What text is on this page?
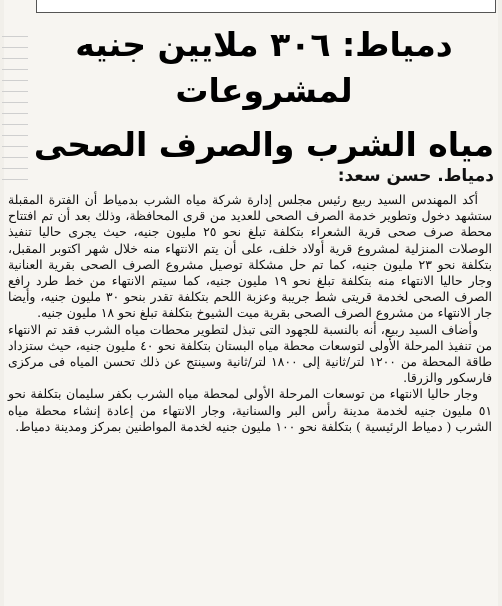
دمياط: ٣٠٦ ملايين جنيه لمشروعات
مياه الشرب والصرف الصحى
دمياط. حسن سعد:

أكد المهندس السيد ربيع رئيس مجلس إدارة شركة مياه الشرب بدمياط أن الفترة المقبلة ستشهد دخول وتطوير خدمة الصرف الصحى للعديد من قرى المحافظة، وذلك بعد أن تم افتتاح محطة صرف صحى قرية الشعراء بتكلفة تبلغ نحو ٢٥ مليون جنيه، حيث يجرى حاليا تنفيذ الوصلات المنزلية لمشروع قرية أولاد خلف، على أن يتم الانتهاء منه خلال شهر اكتوبر المقبل، بتكلفة نحو ٢٣ مليون جنيه، كما تم حل مشكلة توصيل مشروع الصرف الصحى بقرية العنانية وجار حاليا الانتهاء منه بتكلفة تبلغ نحو ١٩ مليون جنيه، كما سيتم الانتهاء من خط طرد رافع الصرف الصحى لخدمة قريتى شط جريبة وعزبة اللحم بتكلفة تقدر بنحو ٣٠ مليون جنيه، وأيضا جار الانتهاء من مشروع الصرف الصحى بقرية ميت الشيوخ بتكلفة تبلغ نحو ١٨ مليون جنيه.

وأضاف السيد ربيع، أنه بالنسبة للجهود التى تبذل لتطوير محطات مياه الشرب فقد تم الانتهاء من تنفيذ المرحلة الأولى لتوسعات محطة مياه البستان بتكلفة نحو ٤٠ مليون جنيه، حيث ستزداد طاقة المحطة من ١٢٠٠ لتر/ثانية إلى ١٨٠٠ لتر/ثانية وسينتج عن ذلك تحسن المياه فى مركزى فارسكور والزرقا.

وجار حاليا الانتهاء من توسعات المرحلة الأولى لمحطة مياه الشرب بكفر سليمان بتكلفة نحو ٥١ مليون جنيه لخدمة مدينة رأس البر والسنانية، وجار الانتهاء من إعادة إنشاء محطة مياه الشرب ( دمياط الرئيسية ) بتكلفة نحو ١٠٠ مليون جنيه لخدمة المواطنين بمركز ومدينة دمياط.
